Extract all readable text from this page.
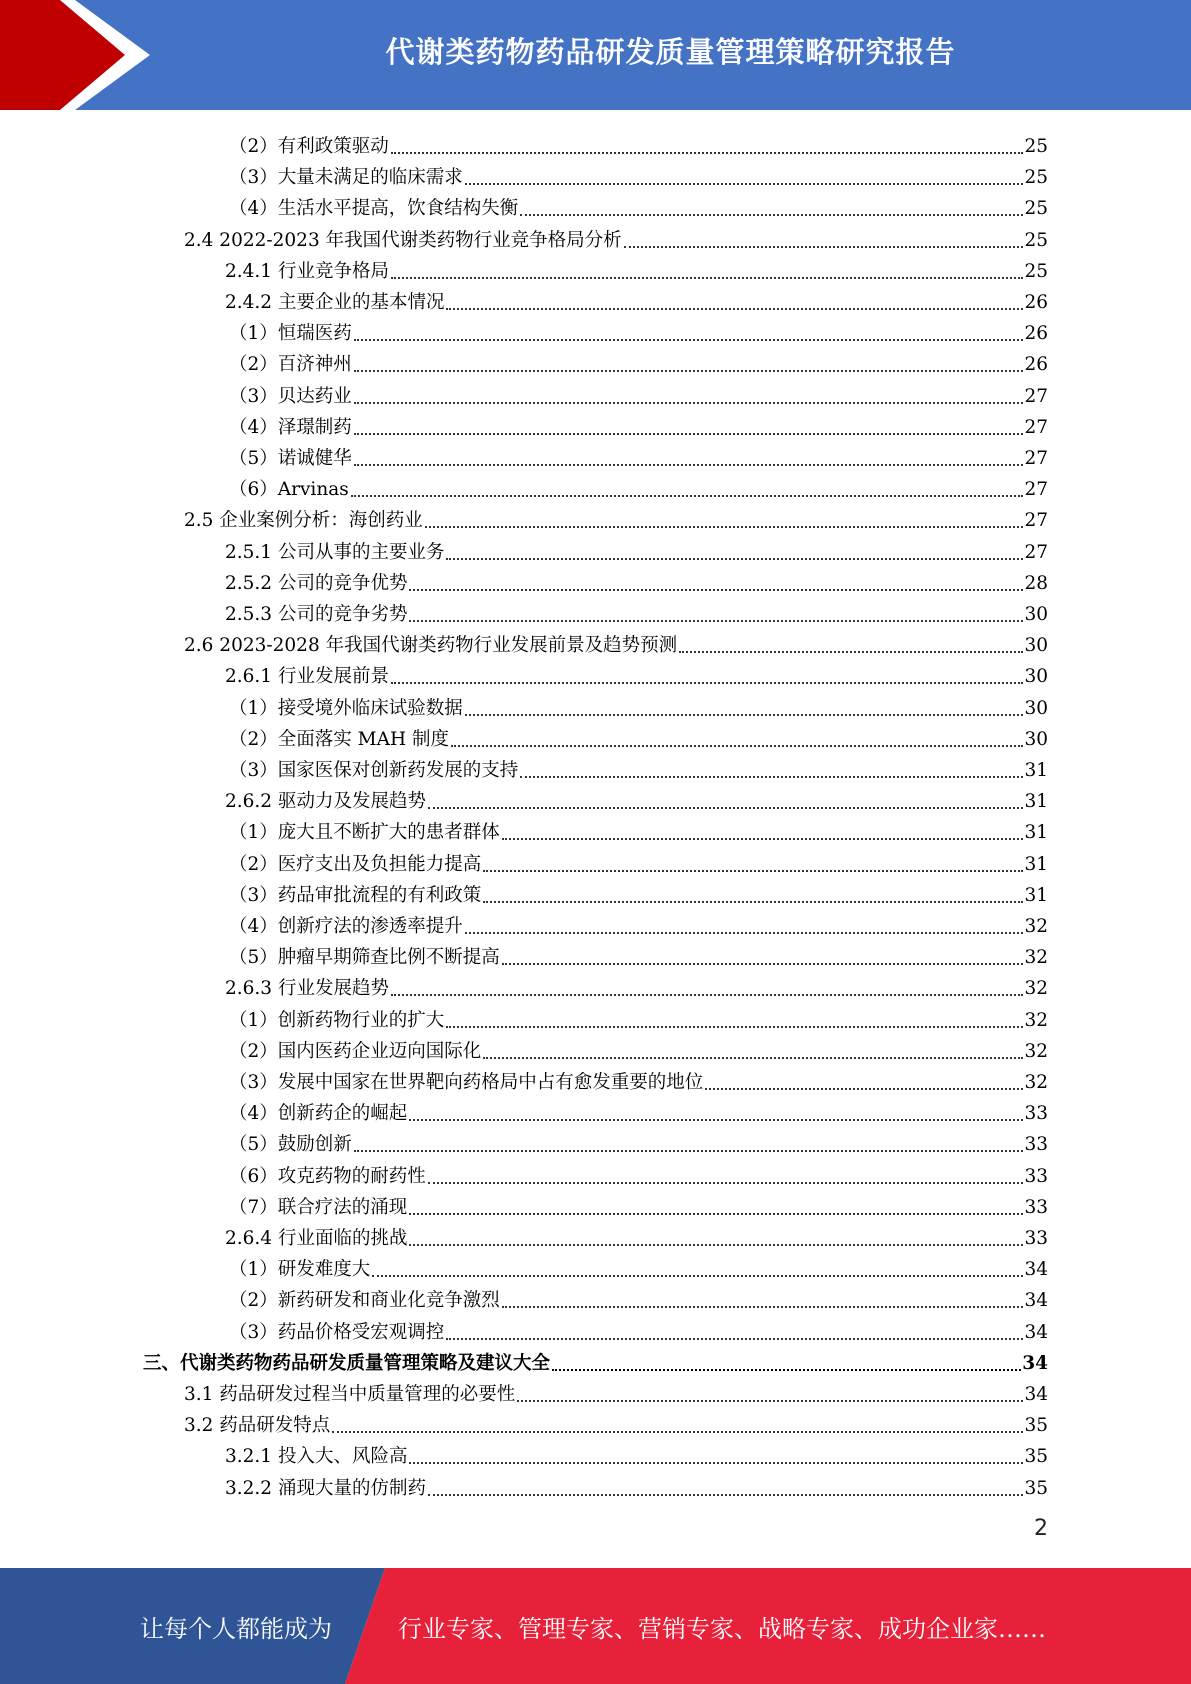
代谢类药物药品研发质量管理策略研究报告
（2）有利政策驱动	25
（3）大量未满足的临床需求	25
（4）生活水平提高，饮食结构失衡	25
2.4 2022-2023 年我国代谢类药物行业竞争格局分析	25
2.4.1 行业竞争格局	25
2.4.2 主要企业的基本情况	26
（1）恒瑞医药	26
（2）百济神州	26
（3）贝达药业	27
（4）泽璟制药	27
（5）诺诚健华	27
（6）Arvinas	27
2.5 企业案例分析：海创药业	27
2.5.1 公司从事的主要业务	27
2.5.2 公司的竞争优势	28
2.5.3 公司的竞争劣势	30
2.6 2023-2028 年我国代谢类药物行业发展前景及趋势预测	30
2.6.1 行业发展前景	30
（1）接受境外临床试验数据	30
（2）全面落实 MAH 制度	30
（3）国家医保对创新药发展的支持	31
2.6.2 驱动力及发展趋势	31
（1）庞大且不断扩大的患者群体	31
（2）医疗支出及负担能力提高	31
（3）药品审批流程的有利政策	31
（4）创新疗法的渗透率提升	32
（5）肿瘤早期筛查比例不断提高	32
2.6.3 行业发展趋势	32
（1）创新药物行业的扩大	32
（2）国内医药企业迈向国际化	32
（3）发展中国家在世界靶向药格局中占有愈发重要的地位	32
（4）创新药企的崛起	33
（5）鼓励创新	33
（6）攻克药物的耐药性	33
（7）联合疗法的涌现	33
2.6.4 行业面临的挑战	33
（1）研发难度大	34
（2）新药研发和商业化竞争激烈	34
（3）药品价格受宏观调控	34
三、代谢类药物药品研发质量管理策略及建议大全	34
3.1 药品研发过程当中质量管理的必要性	34
3.2 药品研发特点	35
3.2.1 投入大、风险高	35
3.2.2 涌现大量的仿制药	35
2
让每个人都能成为	行业专家、管理专家、营销专家、战略专家、成功企业家……
